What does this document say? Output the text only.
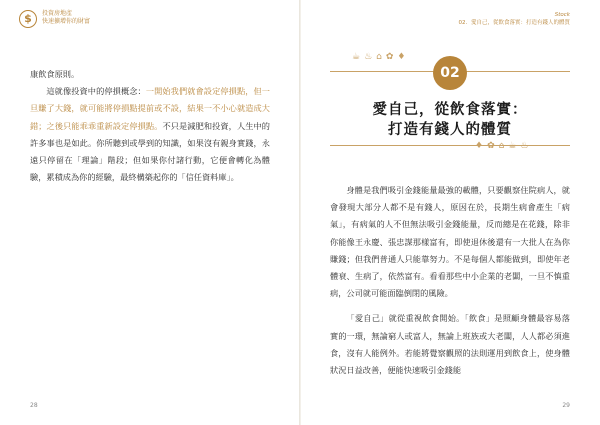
$	投資房地產
快速擴增你的財富

康飲食原則。

這就像投資中的停損概念：一開始我們就會設定停損點，但一旦賺了大錢，就可能將停損點提前或不設，結果一不小心就造成大錯；之後只能乖乖重新設定停損點。不只是減肥和投資，人生中的許多事也是如此。你所聽到或學到的知識，如果沒有親身實踐，永遠只停留在「理論」階段；但如果你付諸行動，它便會轉化為體驗，累積成為你的經驗，最終構築起你的「信任資料庫」。

28
Stock
02．愛自己，從飲食落實：打造有錢人的體質
29
☕ ♨ ⌂ ✿ ♦
02
愛自己，從飲食落實：
打造有錢人的體質
♦ ✿ ⌂ ☕ ♨

身體是我們吸引金錢能量最強的載體，只要觀察住院病人，就會發現大部分人都不是有錢人，原因在於，長期生病會產生「病氣」，有病氣的人不但無法吸引金錢能量，反而總是在花錢，除非你能像王永慶、張忠謀那樣富有，即使退休後還有一大批人在為你賺錢；但我們普通人只能靠努力。不是每個人都能做到，即使年老體衰、生病了，依然富有。看看那些中小企業的老闆，一旦不慎重病，公司就可能面臨倒閉的風險。

「愛自己」就從重視飲食開始。「飲食」是照顧身體最容易落實的一環，無論窮人或富人，無論上班族或大老闆，人人都必須進食，沒有人能例外。若能將覺察觀照的法則運用到飲食上，使身體狀況日益改善，便能快速吸引金錢能
